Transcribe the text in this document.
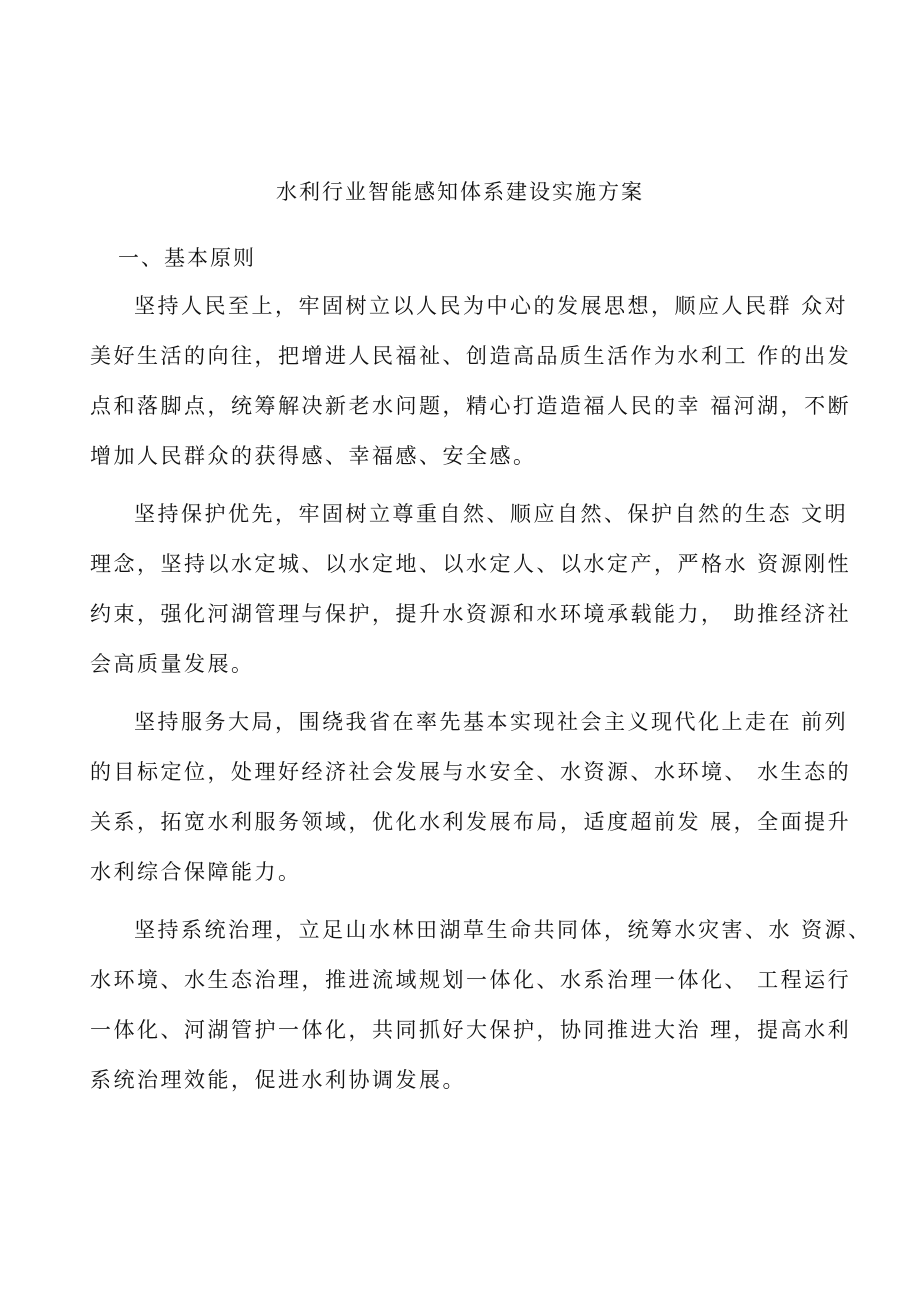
水利行业智能感知体系建设实施方案
一、基本原则
坚持人民至上，牢固树立以人民为中心的发展思想，顺应人民群 众对
美好生活的向往，把增进人民福祉、创造高品质生活作为水利工 作的出发
点和落脚点，统筹解决新老水问题，精心打造造福人民的幸 福河湖，不断
增加人民群众的获得感、幸福感、安全感。
坚持保护优先，牢固树立尊重自然、顺应自然、保护自然的生态 文明
理念，坚持以水定城、以水定地、以水定人、以水定产，严格水 资源刚性
约束，强化河湖管理与保护，提升水资源和水环境承载能力， 助推经济社
会高质量发展。
坚持服务大局，围绕我省在率先基本实现社会主义现代化上走在 前列
的目标定位，处理好经济社会发展与水安全、水资源、水环境、 水生态的
关系，拓宽水利服务领域，优化水利发展布局，适度超前发 展，全面提升
水利综合保障能力。
坚持系统治理，立足山水林田湖草生命共同体，统筹水灾害、水 资源、
水环境、水生态治理，推进流域规划一体化、水系治理一体化、 工程运行
一体化、河湖管护一体化，共同抓好大保护，协同推进大治 理，提高水利
系统治理效能，促进水利协调发展。
